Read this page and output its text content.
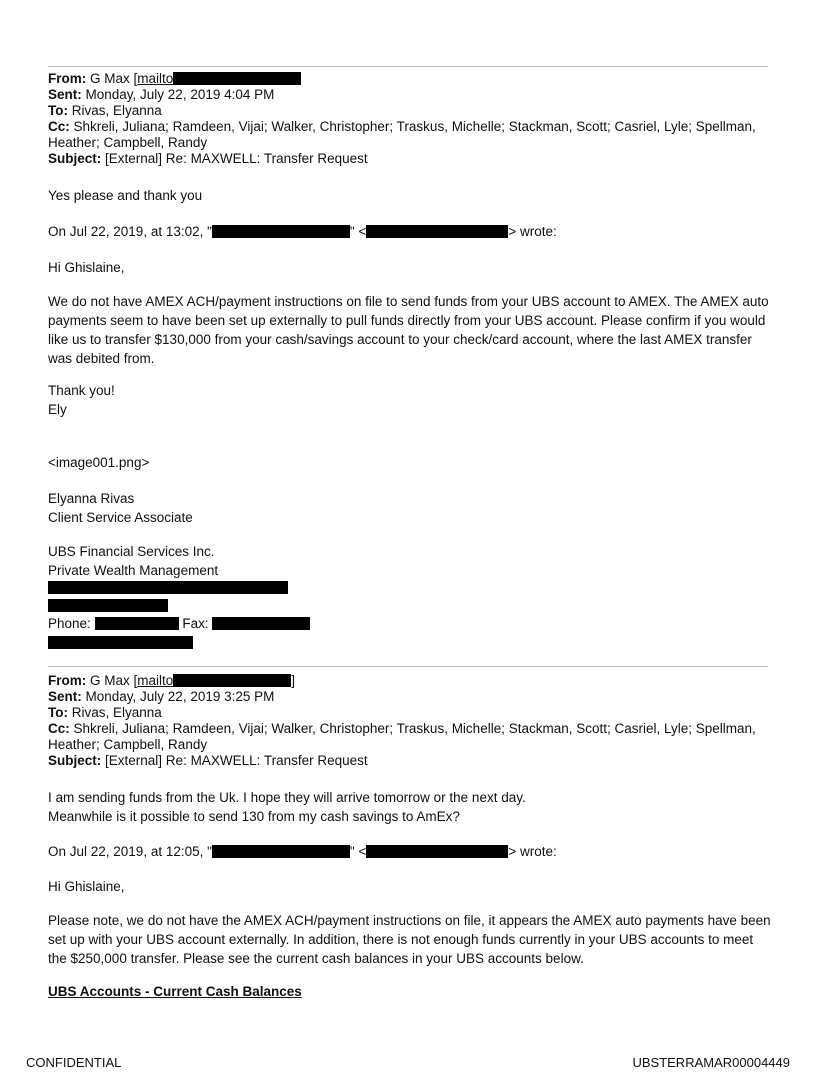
From: G Max [mailto
Sent: Monday, July 22, 2019 4:04 PM
To: Rivas, Elyanna
Cc: Shkreli, Juliana; Ramdeen, Vijai; Walker, Christopher; Traskus, Michelle; Stackman, Scott; Casriel, Lyle; Spellman,
Heather; Campbell, Randy
Subject: [External] Re: MAXWELL: Transfer Request
Yes please and thank you
On Jul 22, 2019, at 13:02, "	" <	> wrote:
Hi Ghislaine,
We do not have AMEX ACH/payment instructions on file to send funds from your UBS account to AMEX. The AMEX auto
payments seem to have been set up externally to pull funds directly from your UBS account. Please confirm if you would
like us to transfer $130,000 from your cash/savings account to your check/card account, where the last AMEX transfer
was debited from.
Thank you!
Ely
<image001.png>
Elyanna Rivas
Client Service Associate
UBS Financial Services Inc.
Private Wealth Management
Phone:	Fax:
From: G Max [mailto	]
Sent: Monday, July 22, 2019 3:25 PM
To: Rivas, Elyanna
Cc: Shkreli, Juliana; Ramdeen, Vijai; Walker, Christopher; Traskus, Michelle; Stackman, Scott; Casriel, Lyle; Spellman,
Heather; Campbell, Randy
Subject: [External] Re: MAXWELL: Transfer Request
I am sending funds from the Uk. I hope they will arrive tomorrow or the next day.
Meanwhile is it possible to send 130 from my cash savings to AmEx?
On Jul 22, 2019, at 12:05, "	" <	> wrote:
Hi Ghislaine,
Please note, we do not have the AMEX ACH/payment instructions on file, it appears the AMEX auto payments have been
set up with your UBS account externally. In addition, there is not enough funds currently in your UBS accounts to meet
the $250,000 transfer. Please see the current cash balances in your UBS accounts below.
UBS Accounts - Current Cash Balances
CONFIDENTIAL	UBSTERRAMAR00004449
